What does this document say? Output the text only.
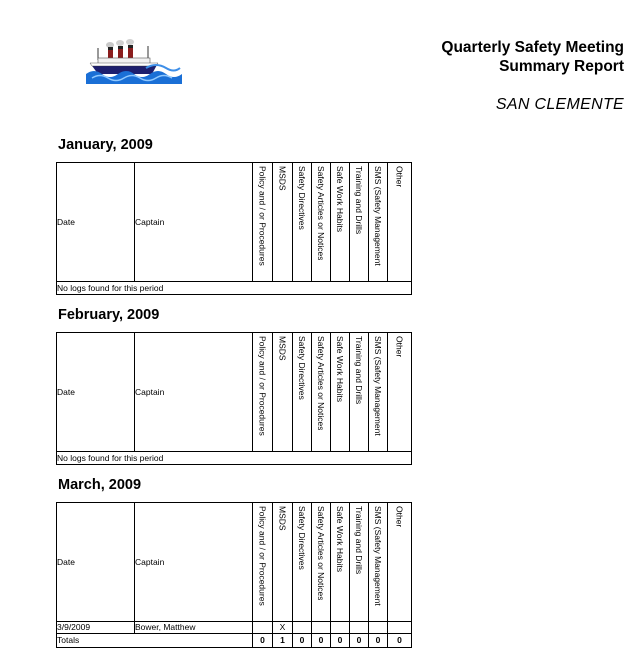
Quarterly Safety Meeting
Summary Report
SAN CLEMENTE
January, 2009
Date	Captain	Policy and / or Procedures	MSDS	Safety Directives	Safety Articles or Notices	Safe Work Habits	Training and Drills	SMS (Safety Management	Other

No logs found for this period
February, 2009
Date	Captain	Policy and / or Procedures	MSDS	Safety Directives	Safety Articles or Notices	Safe Work Habits	Training and Drills	SMS (Safety Management	Other

No logs found for this period
March, 2009
Date	Captain	Policy and / or Procedures	MSDS	Safety Directives	Safety Articles or Notices	Safe Work Habits	Training and Drills	SMS (Safety Management	Other

3/9/2009	Bower, Matthew		X						
Totals		0	1	0	0	0	0	0	0
